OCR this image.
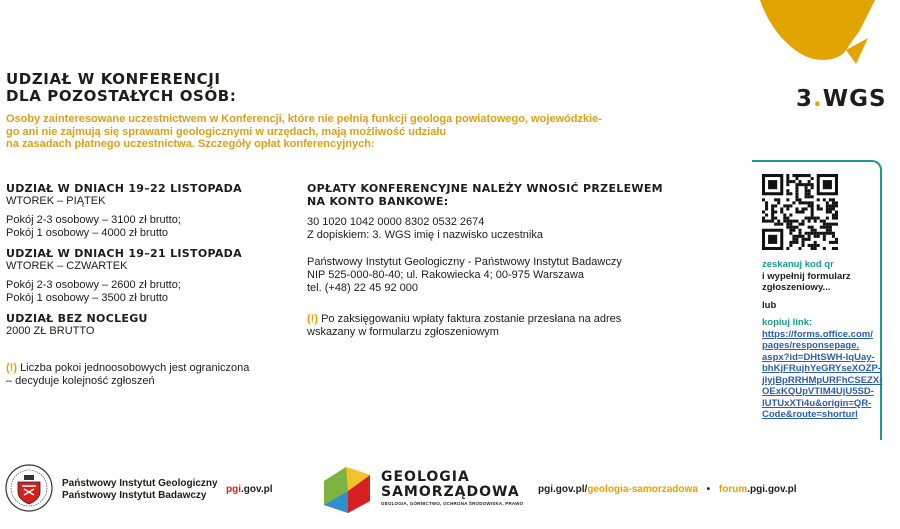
3.WGS
UDZIAŁ W KONFERENCJI
DLA POZOSTAŁYCH OSÓB:
Osoby zainteresowane uczestnictwem w Konferencji, które nie pełnią funkcji geologa powiatowego, wojewódzkie-
go ani nie zajmują się sprawami geologicznymi w urzędach, mają możliwość udziału
na zasadach płatnego uczestnictwa. Szczegóły opłat konferencyjnych:
UDZIAŁ W DNIACH 19–22 LISTOPADA
WTOREK – PIĄTEK
Pokój 2-3 osobowy – 3100 zł brutto;
Pokój 1 osobowy – 4000 zł brutto
UDZIAŁ W DNIACH 19–21 LISTOPADA
WTOREK – CZWARTEK
Pokój 2-3 osobowy – 2600 zł brutto;
Pokój 1 osobowy – 3500 zł brutto
UDZIAŁ BEZ NOCLEGU
2000 ZŁ BRUTTO
(!) Liczba pokoi jednoosobowych jest ograniczona
– decyduje kolejność zgłoszeń
OPŁATY KONFERENCYJNE NALEŻY WNOSIĆ PRZELEWEM
NA KONTO BANKOWE:
30 1020 1042 0000 8302 0532 2674
Z dopiskiem: 3. WGS imię i nazwisko uczestnika
Państwowy Instytut Geologiczny - Państwowy Instytut Badawczy
NIP 525-000-80-40; ul. Rakowiecka 4; 00-975 Warszawa
tel. (+48) 22 45 92 000
(!) Po zaksięgowaniu wpłaty faktura zostanie przesłana na adres
wskazany w formularzu zgłoszeniowym
zeskanuj kod qr
i wypełnij formularz
zgłoszeniowy...
lub
kopiuj link:
https://forms.office.com/
pages/responsepage.
aspx?id=DHtSWH-IqUay-
bhKjFRujhYeGRYseXOZP-
jlyjBpRRHMpURFhCSEZX-
OExKQUpVTlM4UjU5SD-
lUTUxXTi4u&origin=QR-
Code&route=shorturl
Państwowy Instytut Geologiczny
Państwowy Instytut Badawczy
pgi.gov.pl
GEOLOGIA
SAMORZĄDOWA
GEOLOGIA, GÓRNICTWO, OCHRONA ŚRODOWISKA, PRAWO
pgi.gov.pl/geologia-samorzadowa • forum.pgi.gov.pl
